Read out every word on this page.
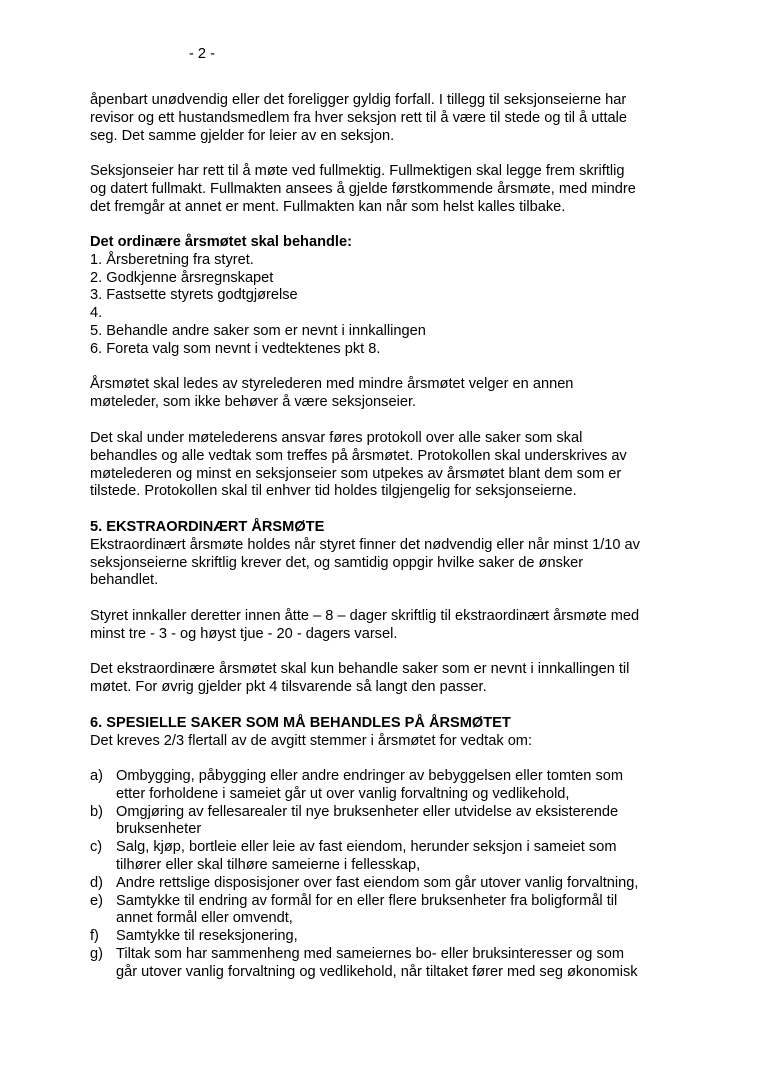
- 2 -
åpenbart unødvendig eller det foreligger gyldig forfall. I tillegg til seksjonseierne har
revisor og ett hustandsmedlem fra hver seksjon rett til å være til stede og til å uttale
seg. Det samme gjelder for leier av en seksjon.
Seksjonseier har rett til å møte ved fullmektig. Fullmektigen skal legge frem skriftlig
og datert fullmakt. Fullmakten ansees å gjelde førstkommende årsmøte, med mindre
det fremgår at annet er ment. Fullmakten kan når som helst kalles tilbake.
Det ordinære årsmøtet skal behandle:
1. Årsberetning fra styret.
2. Godkjenne årsregnskapet
3. Fastsette styrets godtgjørelse
4.
5. Behandle andre saker som er nevnt i innkallingen
6. Foreta valg som nevnt i vedtektenes pkt 8.
Årsmøtet skal ledes av styrelederen med mindre årsmøtet velger en annen
møteleder, som ikke behøver å være seksjonseier.
Det skal under møtelederens ansvar føres protokoll over alle saker som skal
behandles og alle vedtak som treffes på årsmøtet. Protokollen skal underskrives av
møtelederen og minst en seksjonseier som utpekes av årsmøtet blant dem som er
tilstede. Protokollen skal til enhver tid holdes tilgjengelig for seksjonseierne.
5. EKSTRAORDINÆRT ÅRSMØTE
Ekstraordinært årsmøte holdes når styret finner det nødvendig eller når minst 1/10 av
seksjonseierne skriftlig krever det, og samtidig oppgir hvilke saker de ønsker
behandlet.
Styret innkaller deretter innen åtte – 8 – dager skriftlig til ekstraordinært årsmøte med
minst tre - 3 - og høyst tjue - 20 - dagers varsel.
Det ekstraordinære årsmøtet skal kun behandle saker som er nevnt i innkallingen til
møtet. For øvrig gjelder pkt 4 tilsvarende så langt den passer.
6. SPESIELLE SAKER SOM MÅ BEHANDLES PÅ ÅRSMØTET
Det kreves 2/3 flertall av de avgitt stemmer i årsmøtet for vedtak om:
a) Ombygging, påbygging eller andre endringer av bebyggelsen eller tomten som
etter forholdene i sameiet går ut over vanlig forvaltning og vedlikehold,
b) Omgjøring av fellesarealer til nye bruksenheter eller utvidelse av eksisterende
bruksenheter
c) Salg, kjøp, bortleie eller leie av fast eiendom, herunder seksjon i sameiet som
tilhører eller skal tilhøre sameierne i fellesskap,
d) Andre rettslige disposisjoner over fast eiendom som går utover vanlig forvaltning,
e) Samtykke til endring av formål for en eller flere bruksenheter fra boligformål til
annet formål eller omvendt,
f) Samtykke til reseksjonering,
g) Tiltak som har sammenheng med sameiernes bo- eller bruksinteresser og som
går utover vanlig forvaltning og vedlikehold, når tiltaket fører med seg økonomisk
